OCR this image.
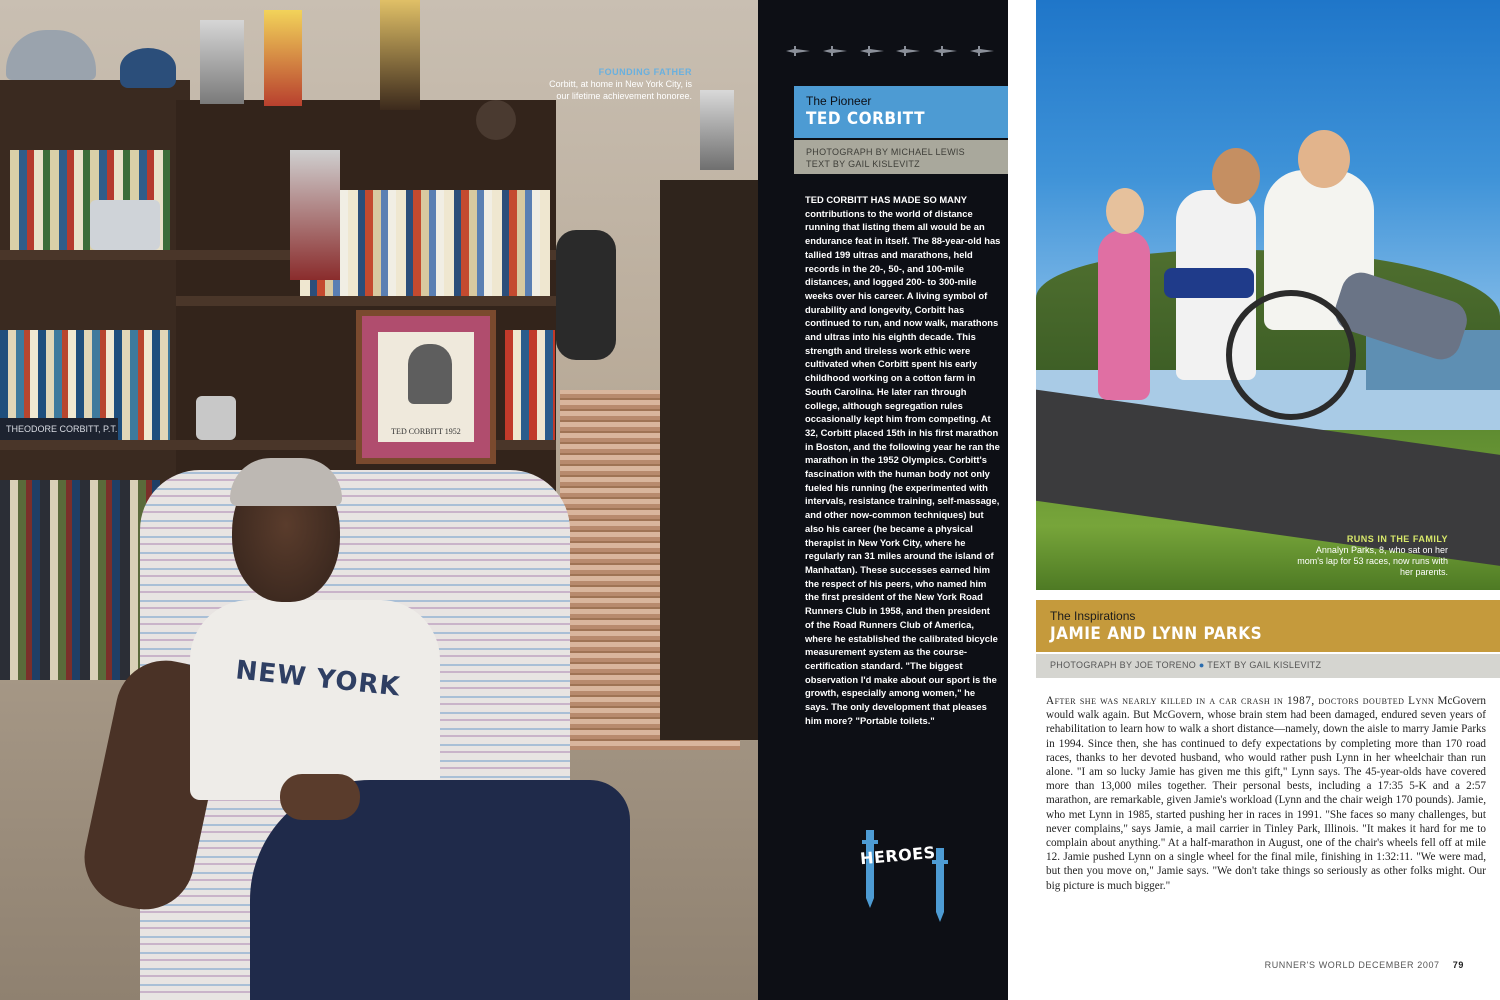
TED CORBITT 1952
THEODORE CORBITT, P.T.
NEW YORK
FOUNDING FATHER
Corbitt, at home in New York City, is our lifetime achievement honoree.	The Pioneer
TED CORBITT
PHOTOGRAPH BY MICHAEL LEWIS
TEXT BY GAIL KISLEVITZ
HEROES
TED CORBITT HAS MADE SO MANY contributions to the world of distance running that listing them all would be an endurance feat in itself. The 88-year-old has tallied 199 ultras and marathons, held records in the 20-, 50-, and 100-mile distances, and logged 200- to 300-mile weeks over his career. A living symbol of durability and longevity, Corbitt has continued to run, and now walk, marathons and ultras into his eighth decade. This strength and tireless work ethic were cultivated when Corbitt spent his early childhood working on a cotton farm in South Carolina. He later ran through college, although segregation rules occasionally kept him from competing. At 32, Corbitt placed 15th in his first marathon in Boston, and the following year he ran the marathon in the 1952 Olympics. Corbitt's fascination with the human body not only fueled his running (he experimented with intervals, resistance training, self-massage, and other now-common techniques) but also his career (he became a physical therapist in New York City, where he regularly ran 31 miles around the island of Manhattan). These successes earned him the respect of his peers, who named him the first president of the New York Road Runners Club in 1958, and then president of the Road Runners Club of America, where he established the calibrated bicycle measurement system as the course-certification standard. "The biggest observation I'd make about our sport is the growth, especially among women," he says. The only development that pleases him more? "Portable toilets."
RUNS IN THE FAMILY
Annalyn Parks, 8, who sat on her mom's lap for 53 races, now runs with her parents.
The Inspirations
JAMIE AND LYNN PARKS
PHOTOGRAPH BY JOE TORENO ● TEXT BY GAIL KISLEVITZ
After she was nearly killed in a car crash in 1987, doctors doubted Lynn McGovern would walk again. But McGovern, whose brain stem had been damaged, endured seven years of rehabilitation to learn how to walk a short distance—namely, down the aisle to marry Jamie Parks in 1994. Since then, she has continued to defy expectations by completing more than 170 road races, thanks to her devoted husband, who would rather push Lynn in her wheelchair than run alone. "I am so lucky Jamie has given me this gift," Lynn says. The 45-year-olds have covered more than 13,000 miles together. Their personal bests, including a 17:35 5-K and a 2:57 marathon, are remarkable, given Jamie's workload (Lynn and the chair weigh 170 pounds). Jamie, who met Lynn in 1985, started pushing her in races in 1991. "She faces so many challenges, but never complains," says Jamie, a mail carrier in Tinley Park, Illinois. "It makes it hard for me to complain about anything." At a half-marathon in August, one of the chair's wheels fell off at mile 12. Jamie pushed Lynn on a single wheel for the final mile, finishing in 1:32:11. "We were mad, but then you move on," Jamie says. "We don't take things so seriously as other folks might. Our big picture is much bigger."
RUNNER'S WORLD DECEMBER 2007 79
